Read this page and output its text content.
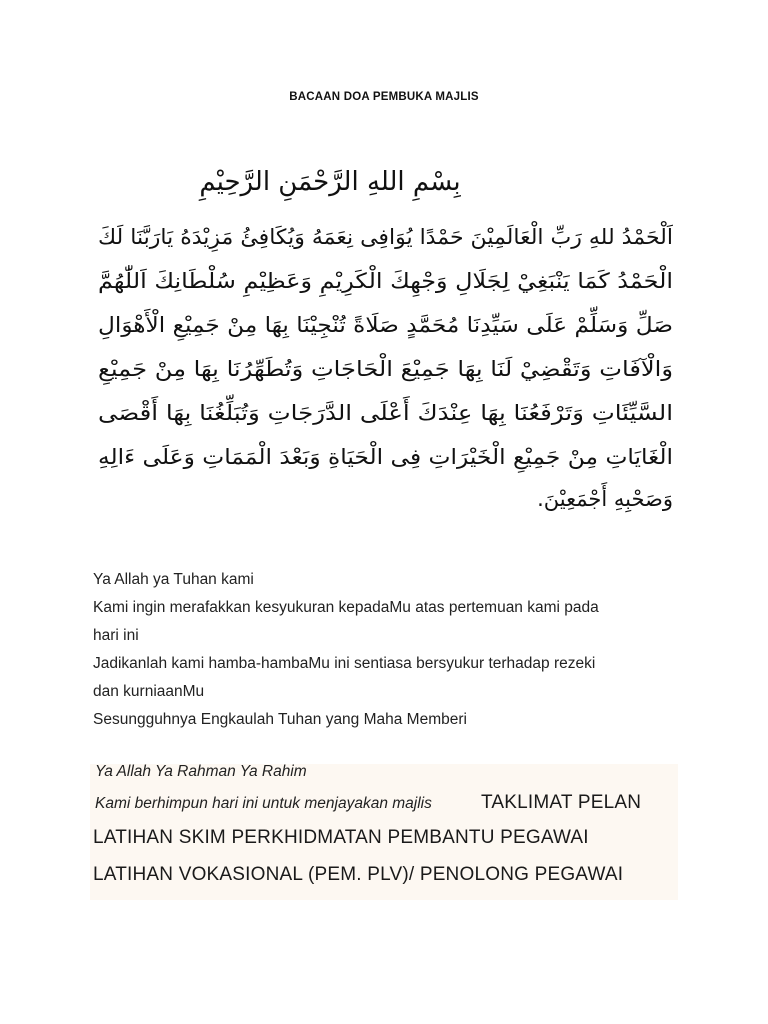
BACAAN DOA PEMBUKA MAJLIS
بِسْمِ اللهِ الرَّحْمَنِ الرَّحِيْمِ
اَلْحَمْدُ للهِ رَبِّ الْعَالَمِيْنَ حَمْدًا يُوَافِى نِعَمَهُ وَيُكَافِئُ مَزِيْدَهُ يَارَبَّنَا لَكَ
الْحَمْدُ كَمَا يَنْبَغِيْ لِجَلَالِ وَجْهِكَ الْكَرِيْمِ وَعَظِيْمِ سُلْطَانِكَ اَللّٰهُمَّ
صَلِّ وَسَلِّمْ عَلَى سَيِّدِنَا مُحَمَّدٍ صَلَاةً تُنْجِيْنَا بِهَا مِنْ جَمِيْعِ الْأَهْوَالِ
وَالْآفَاتِ وَتَقْضِيْ لَنَا بِهَا جَمِيْعَ الْحَاجَاتِ وَتُطَهِّرُنَا بِهَا مِنْ جَمِيْعِ
السَّيِّئَاتِ وَتَرْفَعُنَا بِهَا عِنْدَكَ أَعْلَى الدَّرَجَاتِ وَتُبَلِّغُنَا بِهَا أَقْصَى
الْغَايَاتِ مِنْ جَمِيْعِ الْخَيْرَاتِ فِى الْحَيَاةِ وَبَعْدَ الْمَمَاتِ وَعَلَى ءَالِهِ
وَصَحْبِهِ أَجْمَعِيْنَ.
Ya Allah ya Tuhan kami
Kami ingin merafakkan kesyukuran kepadaMu atas pertemuan kami pada
hari ini
Jadikanlah kami hamba-hambaMu ini sentiasa bersyukur terhadap rezeki
dan kurniaanMu
Sesungguhnya Engkaulah Tuhan yang Maha Memberi
Ya Allah Ya Rahman Ya Rahim
Kami berhimpun hari ini untuk menjayakan majlis	TAKLIMAT PELAN
LATIHAN SKIM PERKHIDMATAN PEMBANTU PEGAWAI
LATIHAN VOKASIONAL (PEM. PLV)/ PENOLONG PEGAWAI
